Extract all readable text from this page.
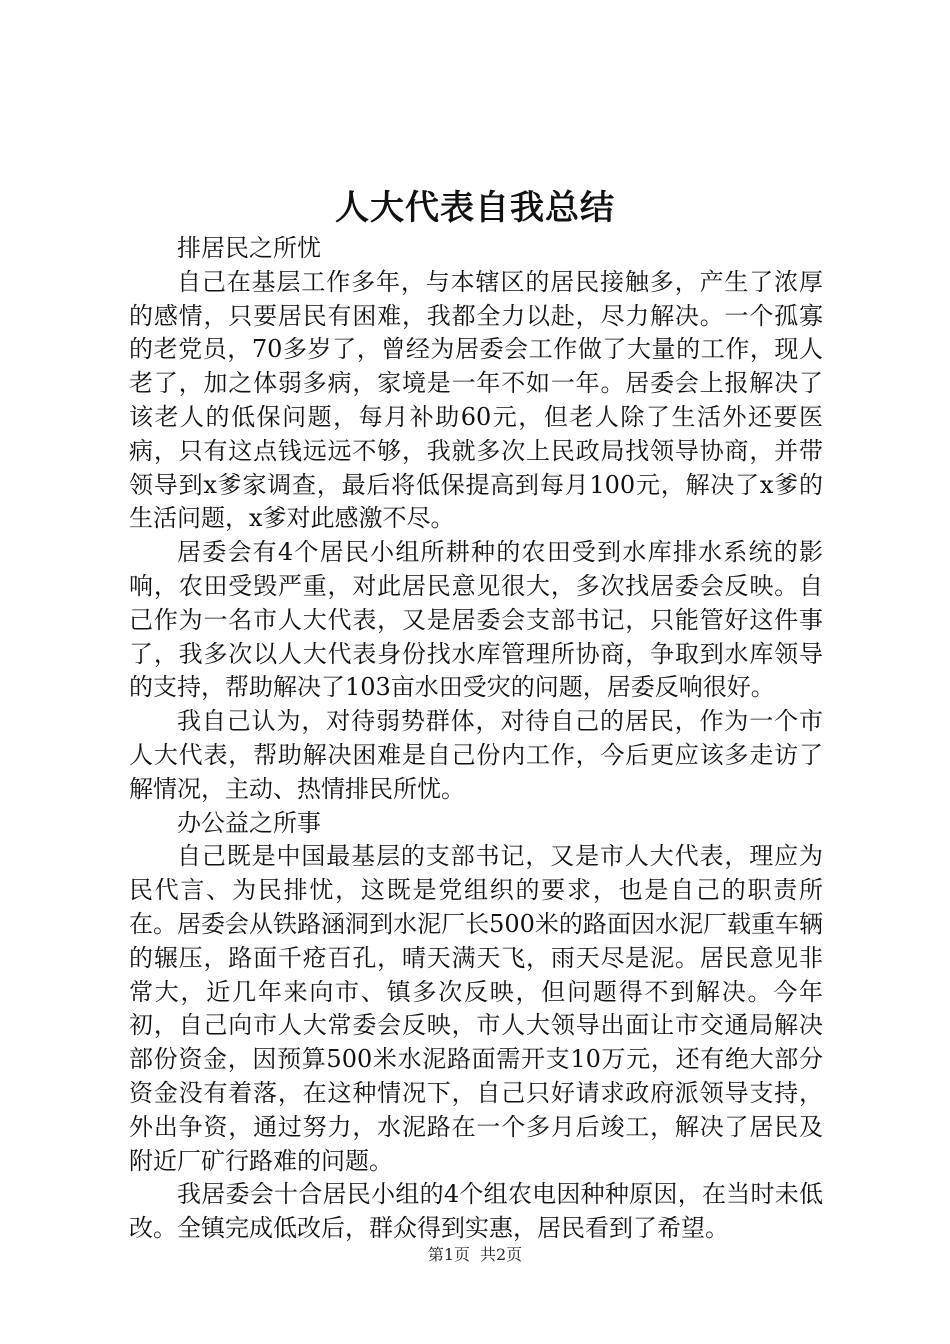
人大代表自我总结

排居民之所忧

自己在基层工作多年，与本辖区的居民接触多，产生了浓厚的感情，只要居民有困难，我都全力以赴，尽力解决。一个孤寡的老党员，70多岁了，曾经为居委会工作做了大量的工作，现人老了，加之体弱多病，家境是一年不如一年。居委会上报解决了该老人的低保问题，每月补助60元，但老人除了生活外还要医病，只有这点钱远远不够，我就多次上民政局找领导协商，并带领导到x爹家调查，最后将低保提高到每月100元，解决了x爹的生活问题，x爹对此感激不尽。

居委会有4个居民小组所耕种的农田受到水库排水系统的影响，农田受毁严重，对此居民意见很大，多次找居委会反映。自己作为一名市人大代表，又是居委会支部书记，只能管好这件事了，我多次以人大代表身份找水库管理所协商，争取到水库领导的支持，帮助解决了103亩水田受灾的问题，居委反响很好。

我自己认为，对待弱势群体，对待自己的居民，作为一个市人大代表，帮助解决困难是自己份内工作，今后更应该多走访了解情况，主动、热情排民所忧。

办公益之所事

自己既是中国最基层的支部书记，又是市人大代表，理应为民代言、为民排忧，这既是党组织的要求，也是自己的职责所在。居委会从铁路涵洞到水泥厂长500米的路面因水泥厂载重车辆的辗压，路面千疮百孔，晴天满天飞，雨天尽是泥。居民意见非常大，近几年来向市、镇多次反映，但问题得不到解决。今年初，自己向市人大常委会反映，市人大领导出面让市交通局解决部份资金，因预算500米水泥路面需开支10万元，还有绝大部分资金没有着落，在这种情况下，自己只好请求政府派领导支持，外出争资，通过努力，水泥路在一个多月后竣工，解决了居民及附近厂矿行路难的问题。

我居委会十合居民小组的4个组农电因种种原因，在当时未低改。全镇完成低改后，群众得到实惠，居民看到了希望。

第1页 共2页
